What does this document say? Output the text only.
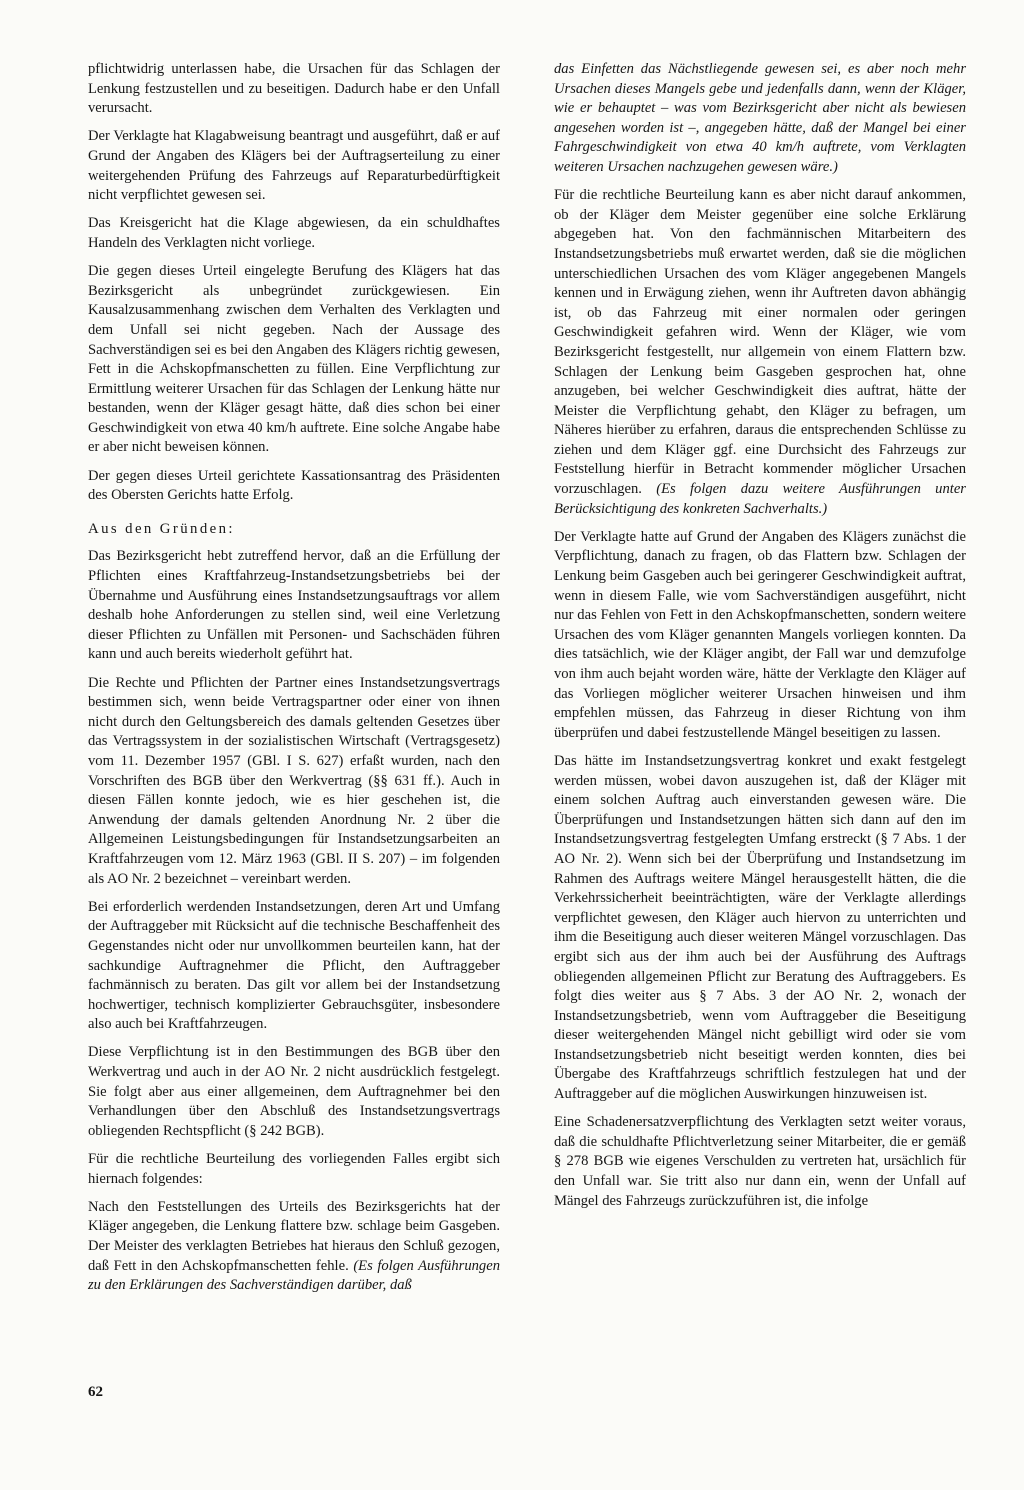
pflichtwidrig unterlassen habe, die Ursachen für das Schlagen der Lenkung festzustellen und zu beseitigen. Dadurch habe er den Unfall verursacht.

Der Verklagte hat Klagabweisung beantragt und ausgeführt, daß er auf Grund der Angaben des Klägers bei der Auftragserteilung zu einer weitergehenden Prüfung des Fahrzeugs auf Reparaturbedürftigkeit nicht verpflichtet gewesen sei.

Das Kreisgericht hat die Klage abgewiesen, da ein schuldhaftes Handeln des Verklagten nicht vorliege.

Die gegen dieses Urteil eingelegte Berufung des Klägers hat das Bezirksgericht als unbegründet zurückgewiesen. Ein Kausalzusammenhang zwischen dem Verhalten des Verklagten und dem Unfall sei nicht gegeben. Nach der Aussage des Sachverständigen sei es bei den Angaben des Klägers richtig gewesen, Fett in die Achskopfmanschetten zu füllen. Eine Verpflichtung zur Ermittlung weiterer Ursachen für das Schlagen der Lenkung hätte nur bestanden, wenn der Kläger gesagt hätte, daß dies schon bei einer Geschwindigkeit von etwa 40 km/h auftrete. Eine solche Angabe habe er aber nicht beweisen können.

Der gegen dieses Urteil gerichtete Kassationsantrag des Präsidenten des Obersten Gerichts hatte Erfolg.

Aus den Gründen:

Das Bezirksgericht hebt zutreffend hervor, daß an die Erfüllung der Pflichten eines Kraftfahrzeug-Instandsetzungsbetriebs bei der Übernahme und Ausführung eines Instandsetzungsauftrags vor allem deshalb hohe Anforderungen zu stellen sind, weil eine Verletzung dieser Pflichten zu Unfällen mit Personen- und Sachschäden führen kann und auch bereits wiederholt geführt hat.

Die Rechte und Pflichten der Partner eines Instandsetzungsvertrags bestimmen sich, wenn beide Vertragspartner oder einer von ihnen nicht durch den Geltungsbereich des damals geltenden Gesetzes über das Vertragssystem in der sozialistischen Wirtschaft (Vertragsgesetz) vom 11. Dezember 1957 (GBl. I S. 627) erfaßt wurden, nach den Vorschriften des BGB über den Werkvertrag (§§ 631 ff.). Auch in diesen Fällen konnte jedoch, wie es hier geschehen ist, die Anwendung der damals geltenden Anordnung Nr. 2 über die Allgemeinen Leistungsbedingungen für Instandsetzungsarbeiten an Kraftfahrzeugen vom 12. März 1963 (GBl. II S. 207) – im folgenden als AO Nr. 2 bezeichnet – vereinbart werden.

Bei erforderlich werdenden Instandsetzungen, deren Art und Umfang der Auftraggeber mit Rücksicht auf die technische Beschaffenheit des Gegenstandes nicht oder nur unvollkommen beurteilen kann, hat der sachkundige Auftragnehmer die Pflicht, den Auftraggeber fachmännisch zu beraten. Das gilt vor allem bei der Instandsetzung hochwertiger, technisch komplizierter Gebrauchsgüter, insbesondere also auch bei Kraftfahrzeugen.

Diese Verpflichtung ist in den Bestimmungen des BGB über den Werkvertrag und auch in der AO Nr. 2 nicht ausdrücklich festgelegt. Sie folgt aber aus einer allgemeinen, dem Auftragnehmer bei den Verhandlungen über den Abschluß des Instandsetzungsvertrags obliegenden Rechtspflicht (§ 242 BGB).

Für die rechtliche Beurteilung des vorliegenden Falles ergibt sich hiernach folgendes:

Nach den Feststellungen des Urteils des Bezirksgerichts hat der Kläger angegeben, die Lenkung flattere bzw. schlage beim Gasgeben. Der Meister des verklagten Betriebes hat hieraus den Schluß gezogen, daß Fett in den Achskopfmanschetten fehle. (Es folgen Ausführungen zu den Erklärungen des Sachverständigen darüber, daß

das Einfetten das Nächstliegende gewesen sei, es aber noch mehr Ursachen dieses Mangels gebe und jedenfalls dann, wenn der Kläger, wie er behauptet – was vom Bezirksgericht aber nicht als bewiesen angesehen worden ist –, angegeben hätte, daß der Mangel bei einer Fahrgeschwindigkeit von etwa 40 km/h auftrete, vom Verklagten weiteren Ursachen nachzugehen gewesen wäre.)

Für die rechtliche Beurteilung kann es aber nicht darauf ankommen, ob der Kläger dem Meister gegenüber eine solche Erklärung abgegeben hat. Von den fachmännischen Mitarbeitern des Instandsetzungsbetriebs muß erwartet werden, daß sie die möglichen unterschiedlichen Ursachen des vom Kläger angegebenen Mangels kennen und in Erwägung ziehen, wenn ihr Auftreten davon abhängig ist, ob das Fahrzeug mit einer normalen oder geringen Geschwindigkeit gefahren wird. Wenn der Kläger, wie vom Bezirksgericht festgestellt, nur allgemein von einem Flattern bzw. Schlagen der Lenkung beim Gasgeben gesprochen hat, ohne anzugeben, bei welcher Geschwindigkeit dies auftrat, hätte der Meister die Verpflichtung gehabt, den Kläger zu befragen, um Näheres hierüber zu erfahren, daraus die entsprechenden Schlüsse zu ziehen und dem Kläger ggf. eine Durchsicht des Fahrzeugs zur Feststellung hierfür in Betracht kommender möglicher Ursachen vorzuschlagen. (Es folgen dazu weitere Ausführungen unter Berücksichtigung des konkreten Sachverhalts.)

Der Verklagte hatte auf Grund der Angaben des Klägers zunächst die Verpflichtung, danach zu fragen, ob das Flattern bzw. Schlagen der Lenkung beim Gasgeben auch bei geringerer Geschwindigkeit auftrat, wenn in diesem Falle, wie vom Sachverständigen ausgeführt, nicht nur das Fehlen von Fett in den Achskopfmanschetten, sondern weitere Ursachen des vom Kläger genannten Mangels vorliegen konnten. Da dies tatsächlich, wie der Kläger angibt, der Fall war und demzufolge von ihm auch bejaht worden wäre, hätte der Verklagte den Kläger auf das Vorliegen möglicher weiterer Ursachen hinweisen und ihm empfehlen müssen, das Fahrzeug in dieser Richtung von ihm überprüfen und dabei festzustellende Mängel beseitigen zu lassen.

Das hätte im Instandsetzungsvertrag konkret und exakt festgelegt werden müssen, wobei davon auszugehen ist, daß der Kläger mit einem solchen Auftrag auch einverstanden gewesen wäre. Die Überprüfungen und Instandsetzungen hätten sich dann auf den im Instandsetzungsvertrag festgelegten Umfang erstreckt (§ 7 Abs. 1 der AO Nr. 2). Wenn sich bei der Überprüfung und Instandsetzung im Rahmen des Auftrags weitere Mängel herausgestellt hätten, die die Verkehrssicherheit beeinträchtigten, wäre der Verklagte allerdings verpflichtet gewesen, den Kläger auch hiervon zu unterrichten und ihm die Beseitigung auch dieser weiteren Mängel vorzuschlagen. Das ergibt sich aus der ihm auch bei der Ausführung des Auftrags obliegenden allgemeinen Pflicht zur Beratung des Auftraggebers. Es folgt dies weiter aus § 7 Abs. 3 der AO Nr. 2, wonach der Instandsetzungsbetrieb, wenn vom Auftraggeber die Beseitigung dieser weitergehenden Mängel nicht gebilligt wird oder sie vom Instandsetzungsbetrieb nicht beseitigt werden konnten, dies bei Übergabe des Kraftfahrzeugs schriftlich festzulegen hat und der Auftraggeber auf die möglichen Auswirkungen hinzuweisen ist.

Eine Schadenersatzverpflichtung des Verklagten setzt weiter voraus, daß die schuldhafte Pflichtverletzung seiner Mitarbeiter, die er gemäß § 278 BGB wie eigenes Verschulden zu vertreten hat, ursächlich für den Unfall war. Sie tritt also nur dann ein, wenn der Unfall auf Mängel des Fahrzeugs zurückzuführen ist, die infolge

62
